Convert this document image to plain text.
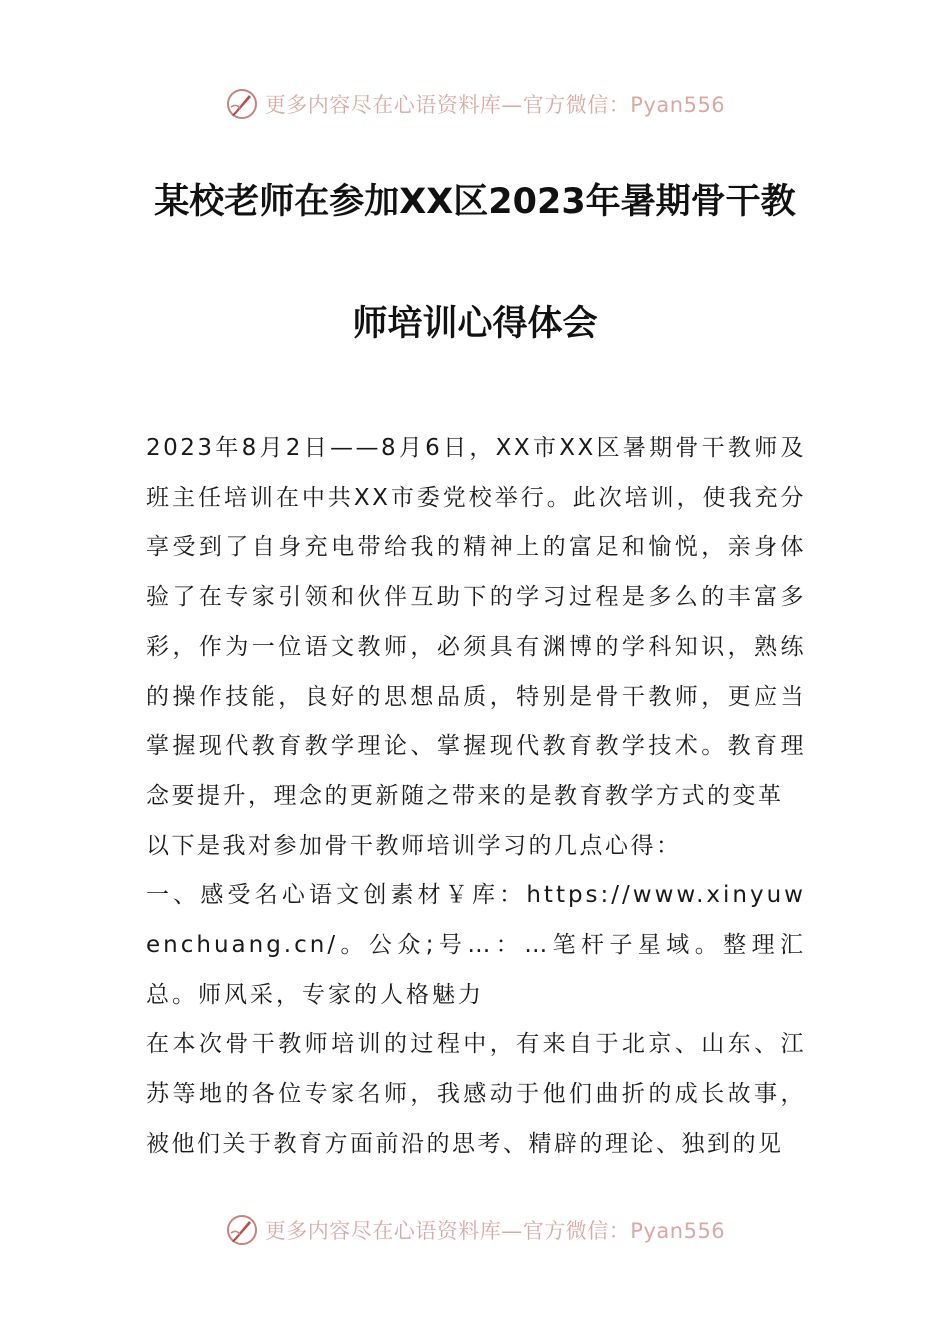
更多内容尽在心语资料库—官方微信：Pyan556
某校老师在参加XX区2023年暑期骨干教
师培训心得体会

2023年8月2日——8月6日，XX市XX区暑期骨干教师及班主任培训在中共XX市委党校举行。此次培训，使我充分享受到了自身充电带给我的精神上的富足和愉悦，亲身体验了在专家引领和伙伴互助下的学习过程是多么的丰富多彩，作为一位语文教师，必须具有渊博的学科知识，熟练的操作技能，良好的思想品质，特别是骨干教师，更应当掌握现代教育教学理论、掌握现代教育教学技术。教育理念要提升，理念的更新随之带来的是教育教学方式的变革

以下是我对参加骨干教师培训学习的几点心得：

一、感受名心语文创素材￥库：https://www.xinyuwenchuang.cn/。公众;号…：…笔杆子星域。整理汇总。师风采，专家的人格魅力

在本次骨干教师培训的过程中，有来自于北京、山东、江苏等地的各位专家名师，我感动于他们曲折的成长故事，被他们关于教育方面前沿的思考、精辟的理论、独到的见

更多内容尽在心语资料库—官方微信：Pyan556
